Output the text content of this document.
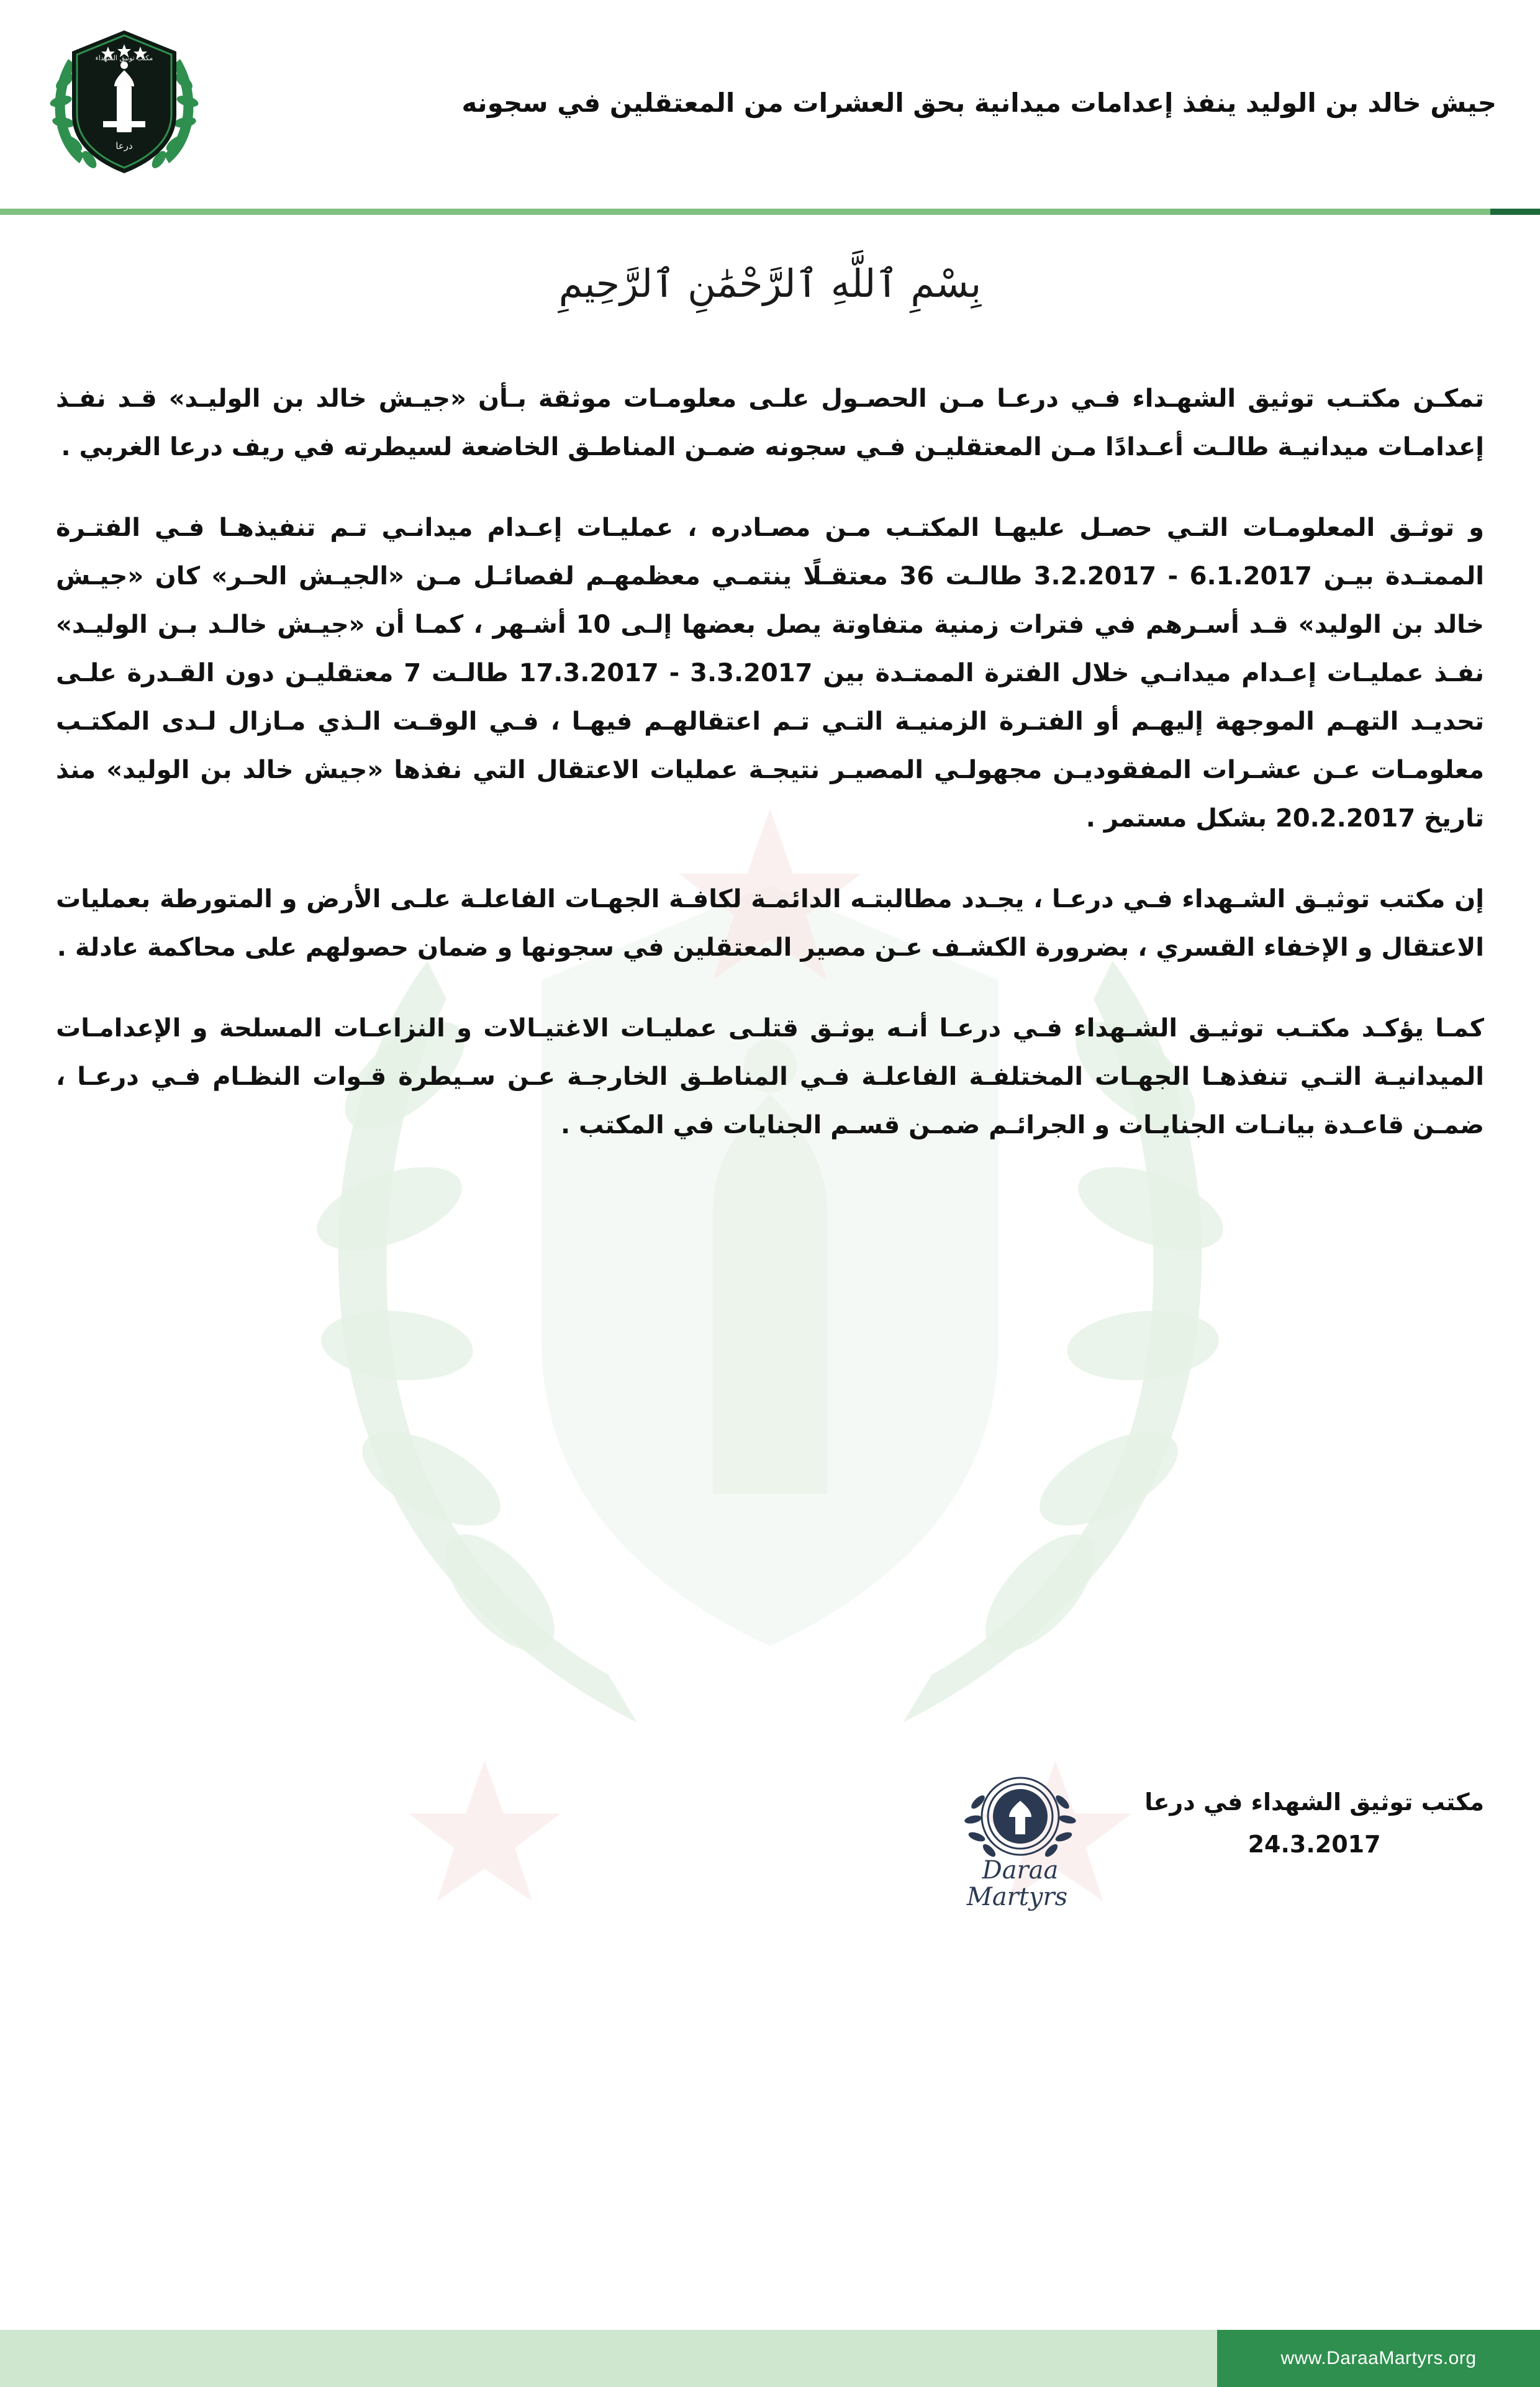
جيش خالد بن الوليد ينفذ إعدامات ميدانية بحق العشرات من المعتقلين في سجونه
درعا
مكتب توثيق الشهداء
بِسْمِ ٱللَّهِ ٱلرَّحْمَٰنِ ٱلرَّحِيمِ

تمكـن مكتـب توثيق الشهـداء فـي درعـا مـن الحصـول علـى معلومـات موثقة بـأن «جيـش خالد بن الوليـد» قـد نفـذ إعدامـات ميدانيـة طالـت أعـدادًا مـن المعتقليـن فـي سجونه ضمـن المناطـق الخاضعة لسيطرته في ريف درعا الغربي .

و توثـق المعلومـات التـي حصـل عليهـا المكتـب مـن مصـادره ، عمليـات إعـدام ميدانـي تـم تنفيذهـا فـي الفتـرة الممتـدة بيـن 6.1.2017 - 3.2.2017 طالـت 36 معتقـلًا ينتمـي معظمهـم لفصائـل مـن «الجيـش الحـر» كان «جيـش خالد بن الوليد» قـد أسـرهم في فترات زمنية متفاوتة يصل بعضها إلـى 10 أشـهر ، كمـا أن «جيـش خالـد بـن الوليـد» نفـذ عمليـات إعـدام ميدانـي خلال الفترة الممتـدة بين 3.3.2017 - 17.3.2017 طالـت 7 معتقليـن دون القـدرة علـى تحديـد التهـم الموجهة إليهـم أو الفتـرة الزمنيـة التـي تـم اعتقالهـم فيهـا ، فـي الوقـت الـذي مـازال لـدى المكتـب معلومـات عـن عشـرات المفقوديـن مجهولـي المصيـر نتيجـة عمليات الاعتقال التي نفذها «جيش خالد بن الوليد» منذ تاريخ 20.2.2017 بشكل مستمر .

إن مكتب توثيـق الشـهداء فـي درعـا ، يجـدد مطالبتـه الدائمـة لكافـة الجهـات الفاعلـة علـى الأرض و المتورطة بعمليات الاعتقال و الإخفاء القسري ، بضرورة الكشـف عـن مصير المعتقلين في سجونها و ضمان حصولهم على محاكمة عادلة .

كمـا يؤكـد مكتـب توثيـق الشـهداء فـي درعـا أنـه يوثـق قتلـى عمليـات الاغتيـالات و النزاعـات المسلحة و الإعدامـات الميدانيـة التـي تنفذهـا الجهـات المختلفـة الفاعلـة فـي المناطـق الخارجـة عـن سـيطرة قـوات النظـام فـي درعـا ، ضمـن قاعـدة بيانـات الجنايـات و الجرائـم ضمـن قسـم الجنايات في المكتب .

Daraa
Martyrs
مكتب توثيق الشهداء في درعا
24.3.2017
www.DaraaMartyrs.org
